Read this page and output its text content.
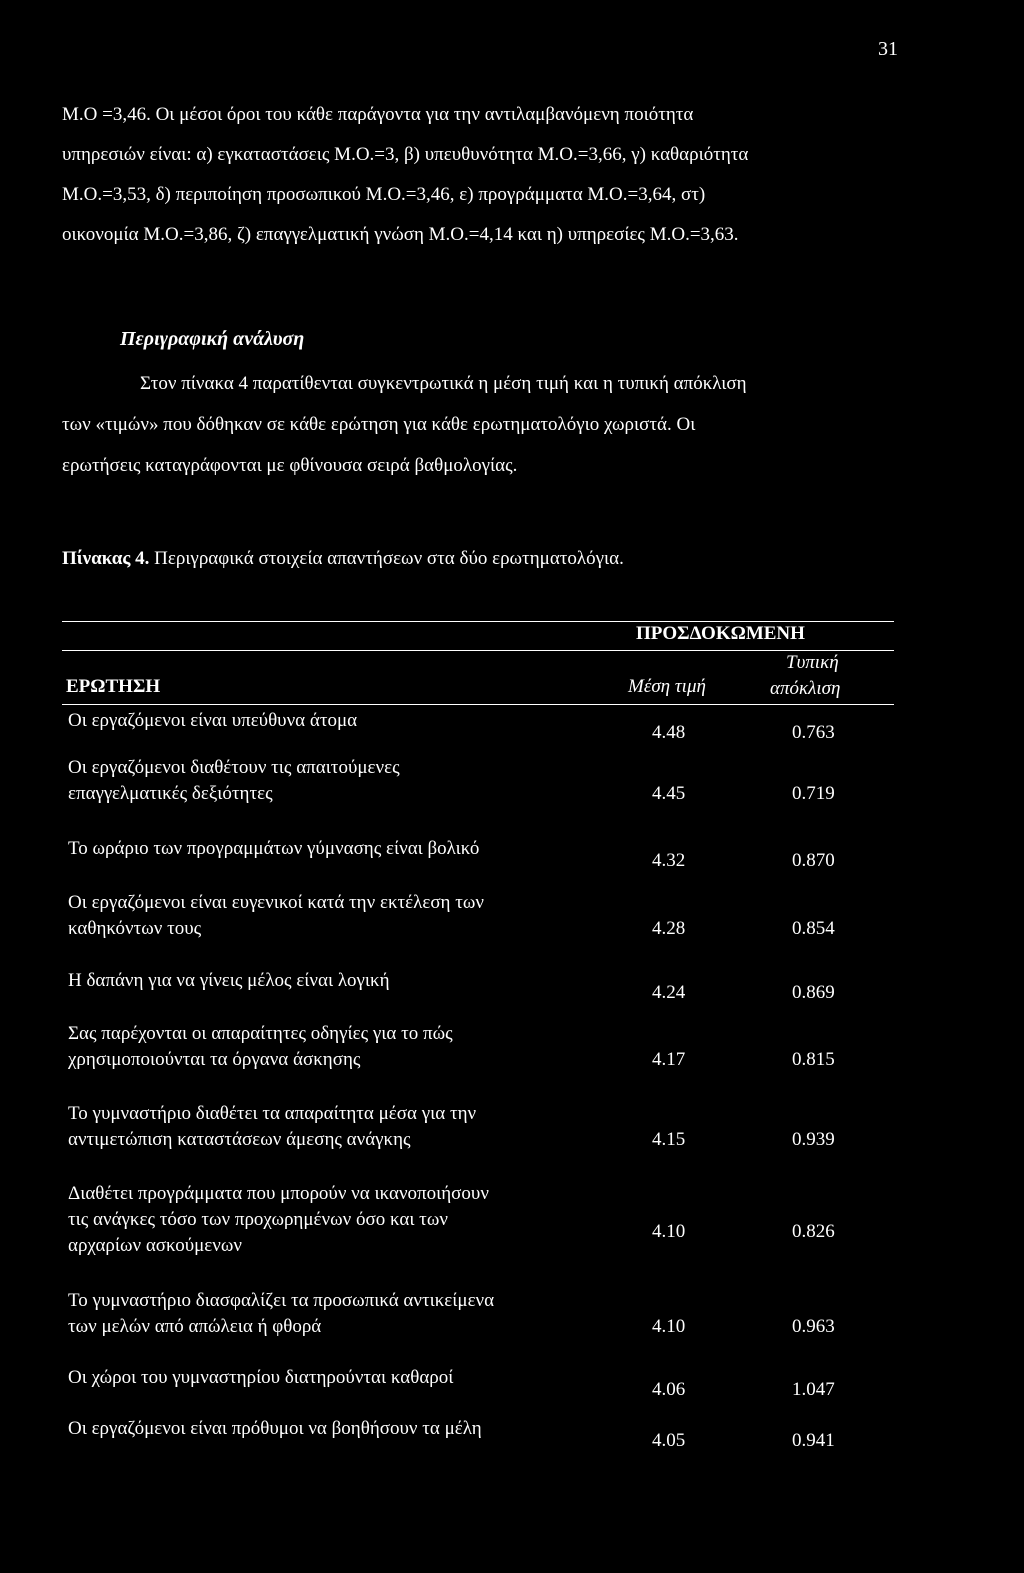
31
Μ.Ο =3,46. Οι μέσοι όροι του κάθε παράγοντα για την αντιλαμβανόμενη ποιότητα
υπηρεσιών είναι: α) εγκαταστάσεις Μ.Ο.=3, β) υπευθυνότητα Μ.Ο.=3,66, γ) καθαριότητα
Μ.Ο.=3,53, δ) περιποίηση προσωπικού Μ.Ο.=3,46, ε) προγράμματα Μ.Ο.=3,64, στ)
οικονομία Μ.Ο.=3,86, ζ) επαγγελματική γνώση Μ.Ο.=4,14 και η) υπηρεσίες Μ.Ο.=3,63.
Περιγραφική ανάλυση
Στον πίνακα 4 παρατίθενται συγκεντρωτικά η μέση τιμή και η τυπική απόκλιση
των «τιμών» που δόθηκαν σε κάθε ερώτηση για κάθε ερωτηματολόγιο χωριστά. Οι
ερωτήσεις καταγράφονται με φθίνουσα σειρά βαθμολογίας.
Πίνακας 4. Περιγραφικά στοιχεία απαντήσεων στα δύο ερωτηματολόγια.
ΠΡΟΣΔΟΚΩΜΕΝΗ
Τυπική
ΕΡΩΤΗΣΗ	Μέση τιμή	απόκλιση
Οι εργαζόμενοι είναι υπεύθυνα άτομα
4.48	0.763
Οι εργαζόμενοι διαθέτουν τις απαιτούμενες
επαγγελματικές δεξιότητες	4.45	0.719
Το ωράριο των προγραμμάτων γύμνασης είναι βολικό
4.32	0.870
Οι εργαζόμενοι είναι ευγενικοί κατά την εκτέλεση των
καθηκόντων τους	4.28	0.854
Η δαπάνη για να γίνεις μέλος είναι λογική
4.24	0.869
Σας παρέχονται οι απαραίτητες οδηγίες για το πώς
χρησιμοποιούνται τα όργανα άσκησης	4.17	0.815
Το γυμναστήριο διαθέτει τα απαραίτητα μέσα για την
αντιμετώπιση καταστάσεων άμεσης ανάγκης	4.15	0.939
Διαθέτει προγράμματα που μπορούν να ικανοποιήσουν
τις ανάγκες τόσο των προχωρημένων όσο και των
αρχαρίων ασκούμενων
4.10	0.826
Το γυμναστήριο διασφαλίζει τα προσωπικά αντικείμενα
των μελών από απώλεια ή φθορά	4.10	0.963
Οι χώροι του γυμναστηρίου διατηρούνται καθαροί
4.06	1.047
Οι εργαζόμενοι είναι πρόθυμοι να βοηθήσουν τα μέλη
4.05	0.941
